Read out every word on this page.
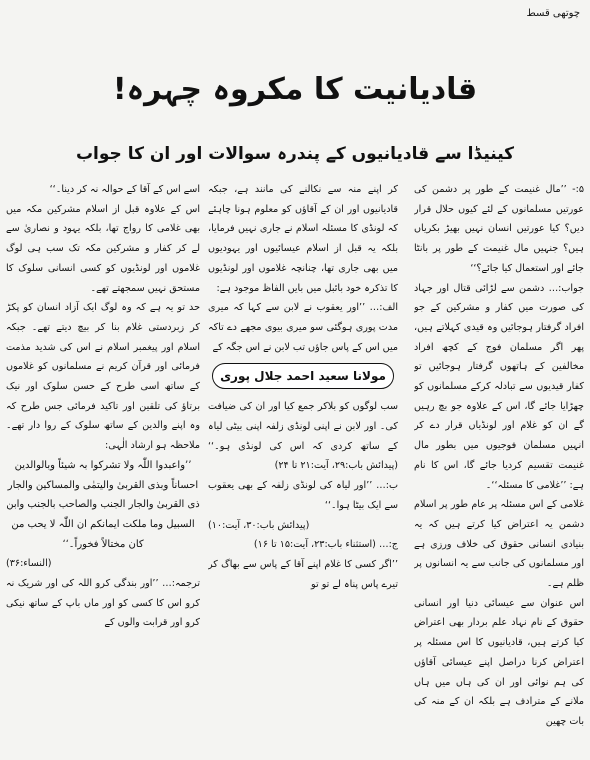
چوتھی قسط
قادیانیت کا مکروہ چہرہ!
کینیڈا سے قادیانیوں کے پندرہ سوالات اور ان کا جواب

۵:- ’’مال غنیمت کے طور پر دشمن کی عورتیں مسلمانوں کے لئے کیوں حلال قرار دیں؟ کیا عورتیں انسان نہیں بھیڑ بکریاں ہیں؟ جنہیں مال غنیمت کے طور پر بانٹا جائے اور استعمال کیا جائے؟‘‘

جواب:… دشمن سے لڑائی قتال اور جہاد کی صورت میں کفار و مشرکین کے جو افراد گرفتار ہوجائیں وہ قیدی کہلاتے ہیں، پھر اگر مسلمان فوج کے کچھ افراد مخالفین کے ہاتھوں گرفتار ہوجائیں تو کفار قیدیوں سے تبادلہ کرکے مسلمانوں کو چھڑایا جائے گا، اس کے علاوہ جو بچ رہیں گے ان کو غلام اور لونڈیاں قرار دے کر انہیں مسلمان فوجیوں میں بطور مال غنیمت تقسیم کردیا جائے گا، اس کا نام ہے: ’’غلامی کا مسئلہ‘‘۔

غلامی کے اس مسئلہ پر عام طور پر اسلام دشمن یہ اعتراض کیا کرتے ہیں کہ یہ بنیادی انسانی حقوق کی خلاف ورزی ہے اور مسلمانوں کی جانب سے یہ انسانوں پر ظلم ہے۔

اس عنوان سے عیسائی دنیا اور انسانی حقوق کے نام نہاد علم بردار بھی اعتراض کیا کرتے ہیں، قادیانیوں کا اس مسئلہ پر اعتراض کرنا دراصل اپنے عیسائی آقاؤں کی ہم نوائی اور ان کی ہاں میں ہاں ملانے کے مترادف ہے بلکہ ان کے منہ کی بات چھین

کر اپنے منہ سے نکالنے کی مانند ہے، جبکہ قادیانیوں اور ان کے آقاؤں کو معلوم ہونا چاہئے کہ لونڈی کا مسئلہ اسلام نے جاری نہیں فرمایا، بلکہ یہ قبل از اسلام عیسائیوں اور یہودیوں میں بھی جاری تھا، چنانچہ غلاموں اور لونڈیوں کا تذکرہ خود بائبل میں بایں الفاظ موجود ہے:

الف:… ’’اور یعقوب نے لابن سے کہا کہ میری مدت پوری ہوگئی سو میری بیوی مجھے دے تاکہ میں اس کے پاس جاؤں تب لابن نے اس جگہ کے

مولانا سعید احمد جلال پوری

سب لوگوں کو بلاکر جمع کیا اور ان کی ضیافت کی۔ اور لابن نے اپنی لونڈی زلفہ اپنی بیٹی لیاہ کے ساتھ کردی کہ اس کی لونڈی ہو۔‘‘ (پیدائش باب:۲۹، آیت:۲۱ تا ۲۴)

ب:… ’’اور لیاہ کی لونڈی زلفہ کے بھی یعقوب سے ایک بیٹا ہوا۔‘‘

(پیدائش باب:۳۰، آیت:۱۰)

ج:… (استثناء باب:۲۳، آیت:۱۵ تا ۱۶)

’’اگر کسی کا غلام اپنے آقا کے پاس سے بھاگ کر تیرے پاس پناہ لے تو تو

اسے اس کے آقا کے حوالہ نہ کر دینا۔‘‘

اس کے علاوہ قبل از اسلام مشرکین مکہ میں بھی غلامی کا رواج تھا، بلکہ یہود و نصاریٰ سے لے کر کفار و مشرکین مکہ تک سب ہی لوگ غلاموں اور لونڈیوں کو کسی انسانی سلوک کا مستحق نہیں سمجھتے تھے۔

حد تو یہ ہے کہ وہ لوگ ایک آزاد انسان کو پکڑ کر زبردستی غلام بنا کر بیچ دیتے تھے۔ جبکہ اسلام اور پیغمبر اسلام نے اس کی شدید مذمت فرمائی اور قرآن کریم نے مسلمانوں کو غلاموں کے ساتھ اسی طرح کے حسن سلوک اور نیک برتاؤ کی تلقین اور تاکید فرمائی جس طرح کہ وہ اپنے والدین کے ساتھ سلوک کے روا دار تھے۔ ملاحظہ ہو ارشاد الٰہی:

’’واعبدوا اللّٰہ ولا تشرکوا بہ شیئاً وبالوالدین احساناً وبذی القربیٰ والیتمٰی والمساکین والجار ذی القربیٰ والجار الجنب والصاحب بالجنب وابن السبیل وما ملکت ایمانکم ان اللّٰہ لا یحب من کان مختالاً فخوراً۔‘‘

(النساء:۳۶)

ترجمہ:… ’’اور بندگی کرو اللہ کی اور شریک نہ کرو اس کا کسی کو اور ماں باپ کے ساتھ نیکی کرو اور قرابت والوں کے
